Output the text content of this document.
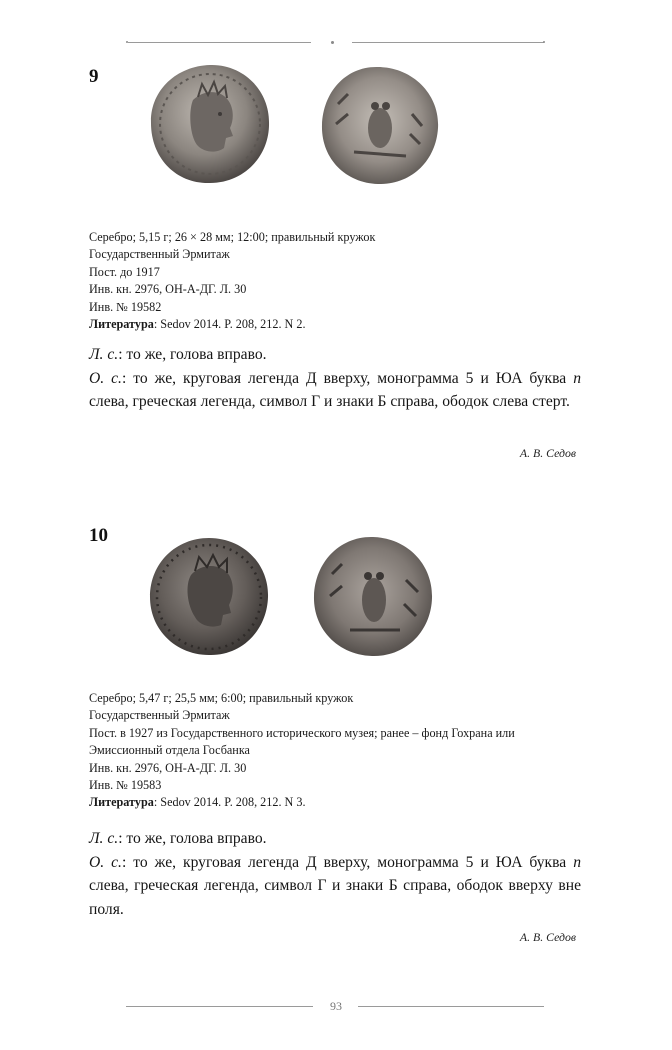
9
Серебро; 5,15 г; 26 × 28 мм; 12:00; правильный кружок
Государственный Эрмитаж
Пост. до 1917
Инв. кн. 2976, ОН-А-ДГ. Л. 30
Инв. № 19582
Литература: Sedov 2014. P. 208, 212. N 2.
Л. с.: то же, голова вправо.
О. с.: то же, круговая легенда Д вверху, монограмма 5 и ЮА буква п слева, греческая легенда, символ Г и знаки Б справа, ободок слева стерт.
А. В. Седов
10
Серебро; 5,47 г; 25,5 мм; 6:00; правильный кружок
Государственный Эрмитаж
Пост. в 1927 из Государственного исторического музея; ранее – фонд Гохрана или Эмиссионный отдела Госбанка
Инв. кн. 2976, ОН-А-ДГ. Л. 30
Инв. № 19583
Литература: Sedov 2014. P. 208, 212. N 3.
Л. с.: то же, голова вправо.
О. с.: то же, круговая легенда Д вверху, монограмма 5 и ЮА буква п слева, греческая легенда, символ Г и знаки Б справа, ободок вверху вне поля.
А. В. Седов
93
